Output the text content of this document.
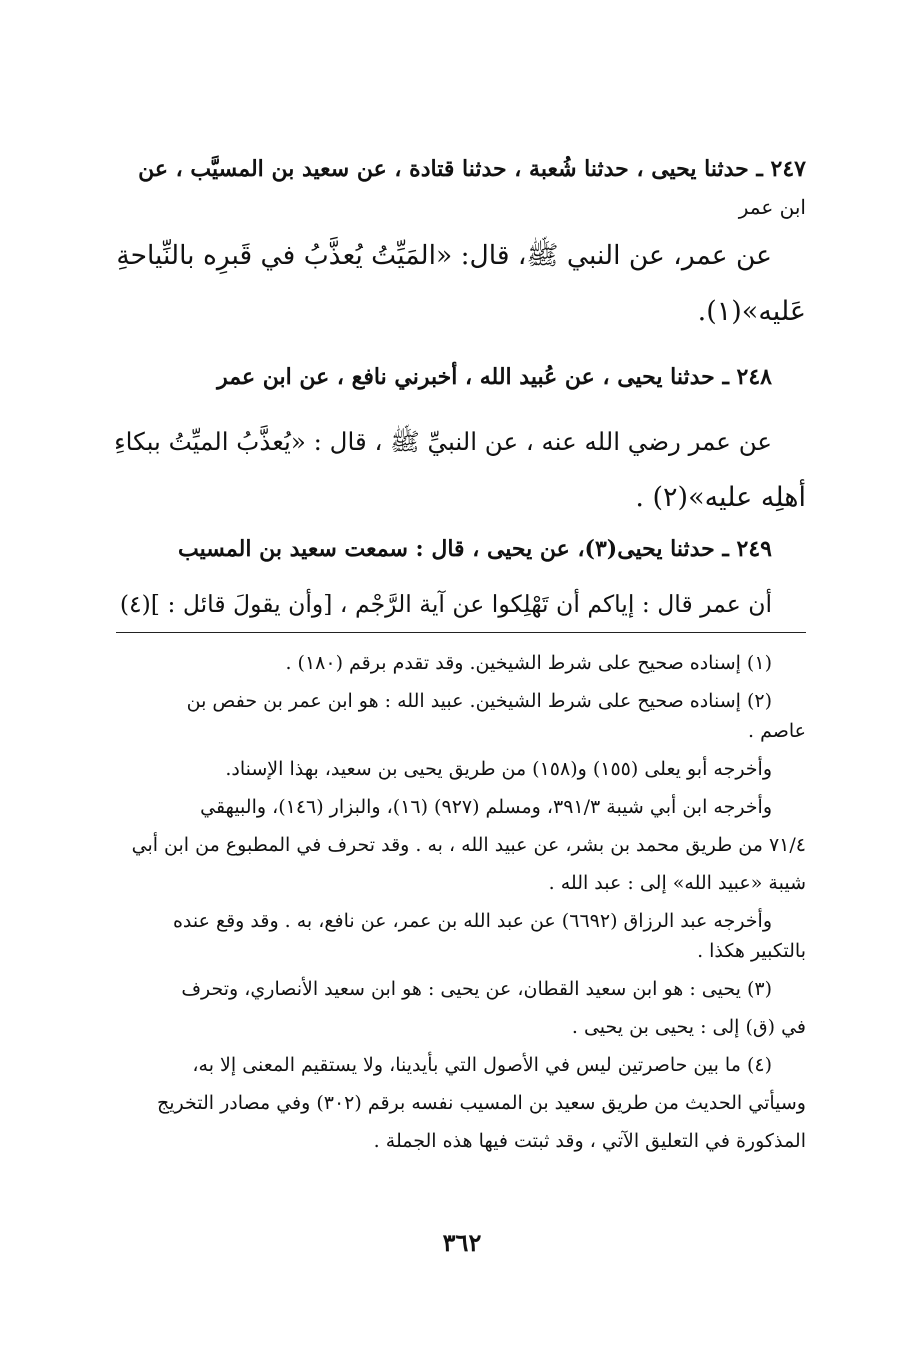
٢٤٧ ـ حدثنا يحيى ، حدثنا شُعبة ، حدثنا قتادة ، عن سعيد بن المسيَّب ، عن
ابن عمر
عن عمر، عن النبي ﷺ، قال: «المَيِّتُ يُعذَّبُ في قَبرِه بالنِّياحةِ
عَليه»(١).
٢٤٨ ـ حدثنا يحيى ، عن عُبيد الله ، أخبرني نافع ، عن ابن عمر
عن عمر رضي الله عنه ، عن النبيِّ ﷺ ، قال : «يُعذَّبُ الميِّتُ ببكاءِ
أهلِه عليه»(٢) .
٢٤٩ ـ حدثنا يحيى(٣)، عن يحيى ، قال : سمعت سعيد بن المسيب
أن عمر قال : إياكم أن تَهْلِكوا عن آية الرَّجْم ، [وأن يقولَ قائل : ](٤)
(١) إسناده صحيح على شرط الشيخين. وقد تقدم برقم (١٨٠) .
(٢) إسناده صحيح على شرط الشيخين. عبيد الله : هو ابن عمر بن حفص بن
عاصم .
وأخرجه أبو يعلى (١٥٥) و(١٥٨) من طريق يحيى بن سعيد، بهذا الإسناد.
وأخرجه ابن أبي شيبة ٣٩١/٣، ومسلم (٩٢٧) (١٦)، والبزار (١٤٦)، والبيهقي
٧١/٤ من طريق محمد بن بشر، عن عبيد الله ، به . وقد تحرف في المطبوع من ابن أبي
شيبة «عبيد الله» إلى : عبد الله .
وأخرجه عبد الرزاق (٦٦٩٢) عن عبد الله بن عمر، عن نافع، به . وقد وقع عنده
بالتكبير هكذا .
(٣) يحيى : هو ابن سعيد القطان، عن يحيى : هو ابن سعيد الأنصاري، وتحرف
في (ق) إلى : يحيى بن يحيى .
(٤) ما بين حاصرتين ليس في الأصول التي بأيدينا، ولا يستقيم المعنى إلا به،
وسيأتي الحديث من طريق سعيد بن المسيب نفسه برقم (٣٠٢) وفي مصادر التخريج
المذكورة في التعليق الآتي ، وقد ثبتت فيها هذه الجملة .
٣٦٢
